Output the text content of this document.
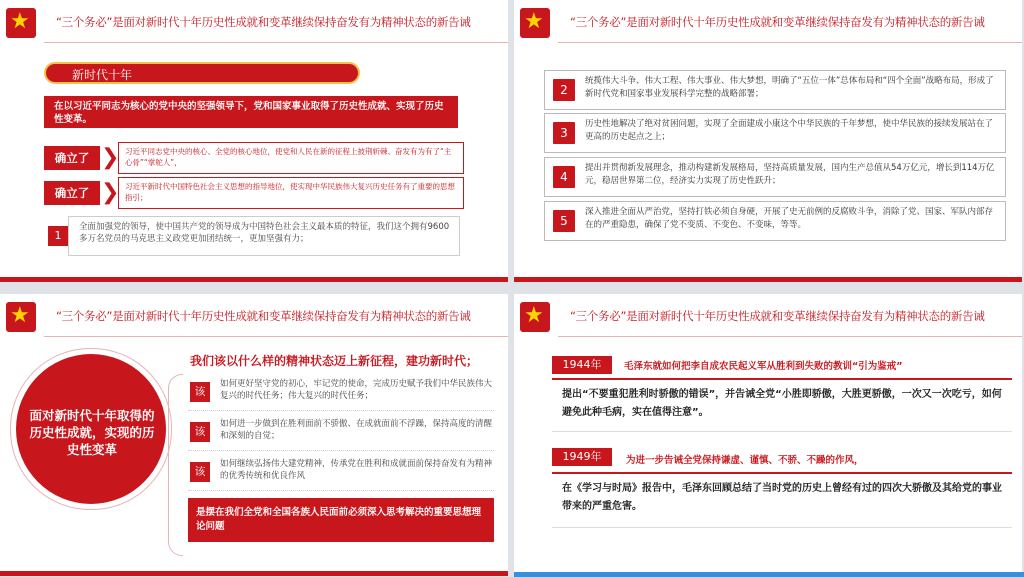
★ “三个务必”是面对新时代十年历史性成就和变革继续保持奋发有为精神状态的新告诫
新时代十年
在以习近平同志为核心的党中央的坚强领导下，党和国家事业取得了历史性成就、实现了历史性变革。
确立了 ❯ 习近平同志党中央的核心、全党的核心地位，使党和人民在新的征程上披荆斩棘、奋发有为有了“主心骨”“掌舵人”，
确立了 ❯ 习近平新时代中国特色社会主义思想的指导地位，使实现中华民族伟大复兴历史任务有了重要的思想指引；
全面加强党的领导，使中国共产党的领导成为中国特色社会主义最本质的特征，我们这个拥有9600多万名党员的马克思主义政党更加团结统一，更加坚强有力；
1
★ “三个务必”是面对新时代十年历史性成就和变革继续保持奋发有为精神状态的新告诫
2
统揽伟大斗争、伟大工程、伟大事业、伟大梦想，明确了“五位一体”总体布局和“四个全面”战略布局，形成了新时代党和国家事业发展科学完整的战略部署；
3
历史性地解决了绝对贫困问题，实现了全面建成小康这个中华民族的千年梦想，使中华民族的接续发展站在了更高的历史起点之上；
4
提出并贯彻新发展理念，推动构建新发展格局，坚持高质量发展，国内生产总值从54万亿元，增长到114万亿元，稳居世界第二位，经济实力实现了历史性跃升；
5
深入推进全面从严治党，坚持打铁必须自身硬，开展了史无前例的反腐败斗争，消除了党、国家、军队内部存在的严重隐患，确保了党不变质、不变色、不变味，等等。
★ “三个务必”是面对新时代十年历史性成就和变革继续保持奋发有为精神状态的新告诫
面对新时代十年取得的历史性成就，实现的历史性变革
我们该以什么样的精神状态迈上新征程，建功新时代；
该
如何更好坚守党的初心，牢记党的使命，完成历史赋予我们中华民族伟大复兴的时代任务；伟大复兴的时代任务；
该
如何进一步做到在胜利面前不骄傲、在成就面前不浮躁，保持高度的清醒和深刻的自觉；
该
如何继续弘扬伟大建党精神，传承党在胜利和成就面前保持奋发有为精神的优秀传统和优良作风
是摆在我们全党和全国各族人民面前必须深入思考解决的重要思想理论问题
★ “三个务必”是面对新时代十年历史性成就和变革继续保持奋发有为精神状态的新告诫
1944年	毛泽东就如何把李自成农民起义军从胜利到失败的教训“引为鉴戒”
提出“不要重犯胜利时骄傲的错误”，并告诫全党“小胜即骄傲，大胜更骄傲，一次又一次吃亏，如何避免此种毛病，实在值得注意”。
1949年	为进一步告诫全党保持谦虚、谨慎、不骄、不躁的作风，
在《学习与时局》报告中，毛泽东回顾总结了当时党的历史上曾经有过的四次大骄傲及其给党的事业带来的严重危害。
